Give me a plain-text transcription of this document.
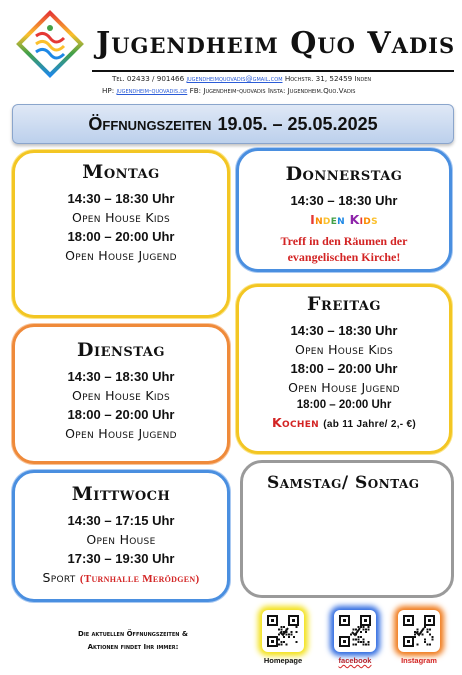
Jugendheim Quo Vadis
Tel. 02433 / 901466 jugendheimquovadis@gmail.com Hochstr. 31, 52459 Inden
HP: jugendheim-quovadis.de FB: Jugendheim-quovadis Insta: Jugendheim.Quo.Vadis
Öffnungszeiten 19.05. – 25.05.2025
Montag
14:30 – 18:30 Uhr
Open House Kids
18:00 – 20:00 Uhr
Open House Jugend
Dienstag
14:30 – 18:30 Uhr
Open House Kids
18:00 – 20:00 Uhr
Open House Jugend
Mittwoch
14:30 – 17:15 Uhr
Open House
17:30 – 19:30 Uhr
Sport (Turnhalle Merödgen)
Donnerstag
14:30 – 18:30 Uhr
Inden Kids
Treff in den Räumen der evangelischen Kirche!
Freitag
14:30 – 18:30 Uhr
Open House Kids
18:00 – 20:00 Uhr
Open House Jugend
18:00 – 20:00 Uhr
Kochen (ab 11 Jahre/ 2,- €)
Samstag/ Sontag
Die aktuellen Öffnungszeiten &
Aktionen findet Ihr immer:
Homepage	facebook	Instagram
